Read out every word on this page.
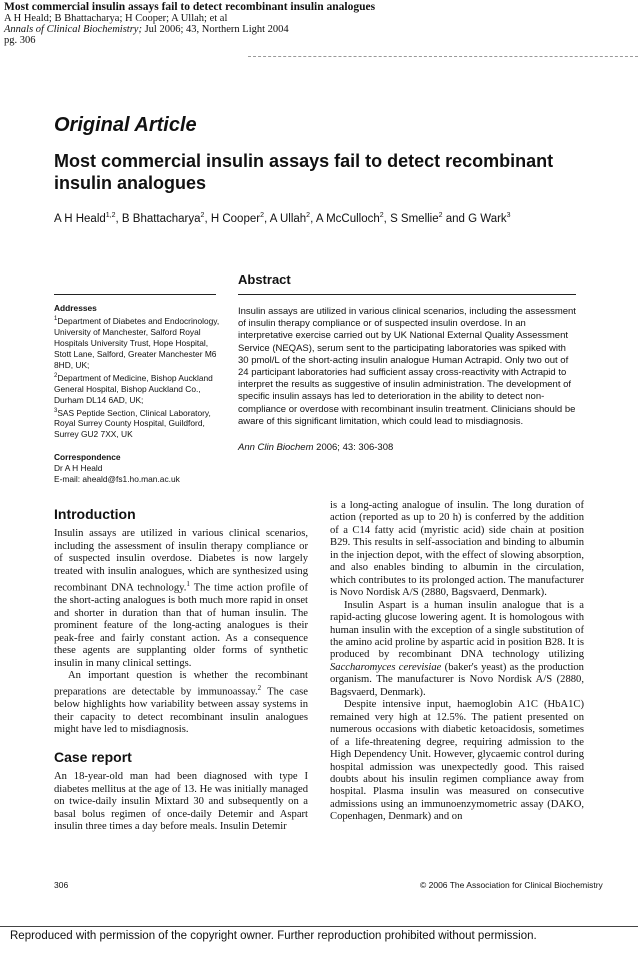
Most commercial insulin assays fail to detect recombinant insulin analogues
A H Heald; B Bhattacharya; H Cooper; A Ullah; et al
Annals of Clinical Biochemistry; Jul 2006; 43, Northern Light 2004
pg. 306
Original Article
Most commercial insulin assays fail to detect recombinant insulin analogues
A H Heald$^{1,2}$, B Bhattacharya$^2$, H Cooper$^2$, A Ullah$^2$, A McCulloch$^2$, S Smellie$^2$ and G Wark$^3$
Abstract
Addresses
$^1$Department of Diabetes and Endocrinology, University of Manchester, Salford Royal Hospitals University Trust, Hope Hospital, Stott Lane, Salford, Greater Manchester M6 8HD, UK;
$^2$Department of Medicine, Bishop Auckland General Hospital, Bishop Auckland Co., Durham DL14 6AD, UK;
$^3$SAS Peptide Section, Clinical Laboratory, Royal Surrey County Hospital, Guildford, Surrey GU2 7XX, UK
Correspondence
Dr A H Heald
E-mail: aheald@fs1.ho.man.ac.uk
Insulin assays are utilized in various clinical scenarios, including the assessment of insulin therapy compliance or of suspected insulin overdose. In an interpretative exercise carried out by UK National External Quality Assessment Service (NEQAS), serum sent to the participating laboratories was spiked with 30 pmol/L of the short-acting insulin analogue Human Actrapid. Only two out of 24 participant laboratories had sufficient assay cross-reactivity with Actrapid to interpret the results as suggestive of insulin administration. The development of specific insulin assays has led to deterioration in the ability to detect non-compliance or overdose with recombinant insulin treatment. Clinicians should be aware of this significant limitation, which could lead to misdiagnosis.
Ann Clin Biochem 2006; 43: 306-308
Introduction

Insulin assays are utilized in various clinical scenarios, including the assessment of insulin therapy compliance or of suspected insulin overdose. Diabetes is now largely treated with insulin analogues, which are synthesized using recombinant DNA technology.$^1$ The time action profile of the short-acting analogues is both much more rapid in onset and shorter in duration than that of human insulin. The prominent feature of the long-acting analogues is their peak-free and fairly constant action. As a consequence these agents are supplanting older forms of synthetic insulin in many clinical settings.

An important question is whether the recombinant preparations are detectable by immunoassay.$^2$ The case below highlights how variability between assay systems in their capacity to detect recombinant insulin analogues might have led to misdiagnosis.

Case report

An 18-year-old man had been diagnosed with type I diabetes mellitus at the age of 13. He was initially managed on twice-daily insulin Mixtard 30 and subsequently on a basal bolus regimen of once-daily Detemir and Aspart insulin three times a day before meals. Insulin Detemir

is a long-acting analogue of insulin. The long duration of action (reported as up to 20 h) is conferred by the addition of a C14 fatty acid (myristic acid) side chain at position B29. This results in self-association and binding to albumin in the injection depot, with the effect of slowing absorption, and also enables binding to albumin in the circulation, which contributes to its prolonged action. The manufacturer is Novo Nordisk A/S (2880, Bagsvaerd, Denmark).

Insulin Aspart is a human insulin analogue that is a rapid-acting glucose lowering agent. It is homologous with human insulin with the exception of a single substitution of the amino acid proline by aspartic acid in position B28. It is produced by recombinant DNA technology utilizing Saccharomyces cerevisiae (baker's yeast) as the production organism. The manufacturer is Novo Nordisk A/S (2880, Bagsvaerd, Denmark).

Despite intensive input, haemoglobin A1C (HbA1C) remained very high at 12.5%. The patient presented on numerous occasions with diabetic ketoacidosis, sometimes of a life-threatening degree, requiring admission to the High Dependency Unit. However, glycaemic control during hospital admission was unexpectedly good. This raised doubts about his insulin regimen compliance away from hospital. Plasma insulin was measured on consecutive admissions using an immunoenzymometric assay (DAKO, Copenhagen, Denmark) and on

306	© 2006 The Association for Clinical Biochemistry
Reproduced with permission of the copyright owner. Further reproduction prohibited without permission.
